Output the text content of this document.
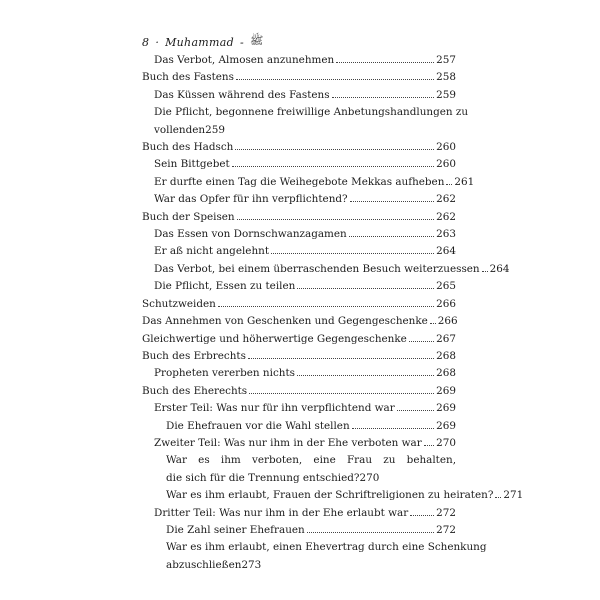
8 · Muhammad - ﷺ
Das Verbot, Almosen anzunehmen	257
Buch des Fastens	258
Das Küssen während des Fastens	259
Die Pflicht, begonnene freiwillige Anbetungshandlungen zu
vollenden 259
Buch des Hadsch	260
Sein Bittgebet	260
Er durfte einen Tag die Weihegebote Mekkas aufheben 261
War das Opfer für ihn verpflichtend?	262
Buch der Speisen	262
Das Essen von Dornschwanzagamen	263
Er aß nicht angelehnt	264
Das Verbot, bei einem überraschenden Besuch weiterzuessen 264
Die Pflicht, Essen zu teilen	265
Schutzweiden	266
Das Annehmen von Geschenken und Gegengeschenke 266
Gleichwertige und höherwertige Gegengeschenke	267
Buch des Erbrechts	268
Propheten vererben nichts	268
Buch des Eherechts	269
Erster Teil: Was nur für ihn verpflichtend war	269
Die Ehefrauen vor die Wahl stellen	269
Zweiter Teil: Was nur ihm in der Ehe verboten war 270
War es ihm verboten, eine Frau zu behalten,
die sich für die Trennung entschied? 270
War es ihm erlaubt, Frauen der Schriftreligionen zu heiraten? 271
Dritter Teil: Was nur ihm in der Ehe erlaubt war	272
Die Zahl seiner Ehefrauen	272
War es ihm erlaubt, einen Ehevertrag durch eine Schenkung
abzuschließen 273
